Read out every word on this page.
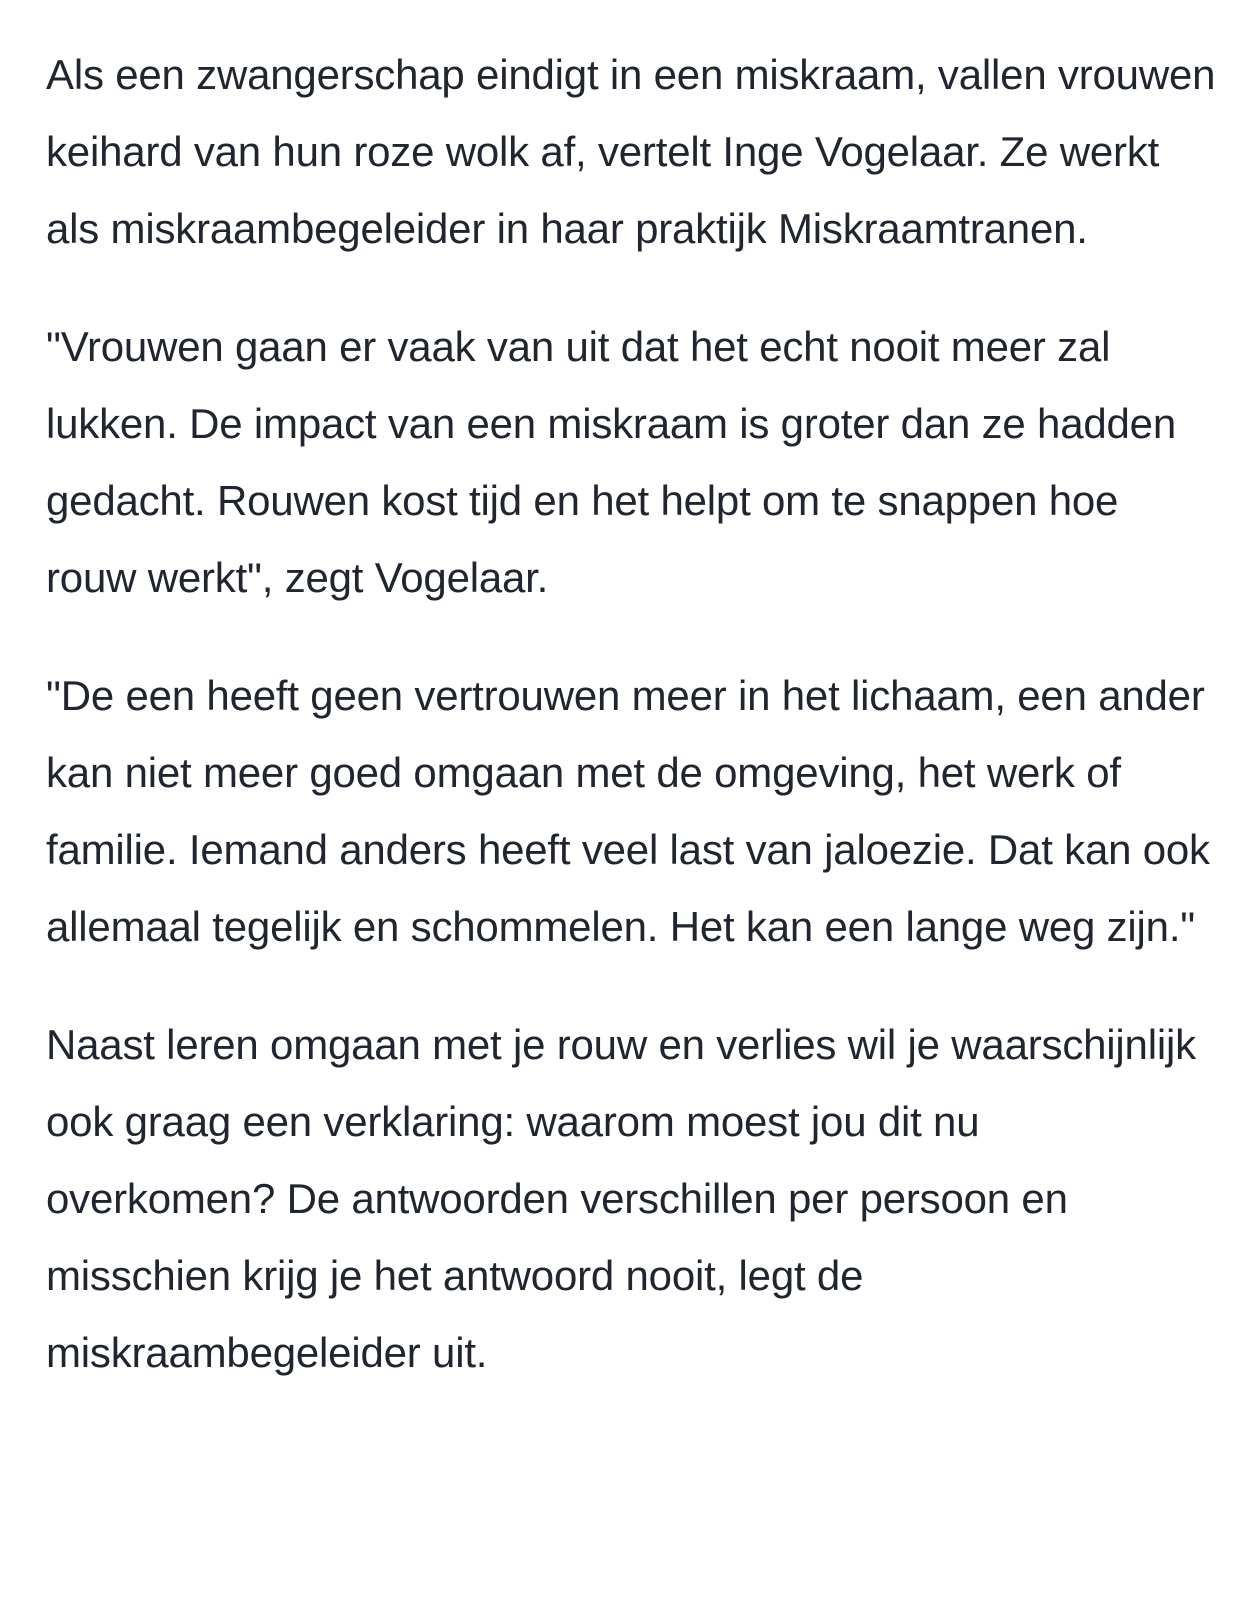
Als een zwangerschap eindigt in een miskraam, vallen vrouwen keihard van hun roze wolk af, vertelt Inge Vogelaar. Ze werkt als miskraambegeleider in haar praktijk Miskraamtranen.

"Vrouwen gaan er vaak van uit dat het echt nooit meer zal lukken. De impact van een miskraam is groter dan ze hadden gedacht. Rouwen kost tijd en het helpt om te snappen hoe rouw werkt", zegt Vogelaar.

"De een heeft geen vertrouwen meer in het lichaam, een ander kan niet meer goed omgaan met de omgeving, het werk of familie. Iemand anders heeft veel last van jaloezie. Dat kan ook allemaal tegelijk en schommelen. Het kan een lange weg zijn."

Naast leren omgaan met je rouw en verlies wil je waarschijnlijk ook graag een verklaring: waarom moest jou dit nu overkomen? De antwoorden verschillen per persoon en misschien krijg je het antwoord nooit, legt de miskraambegeleider uit.
